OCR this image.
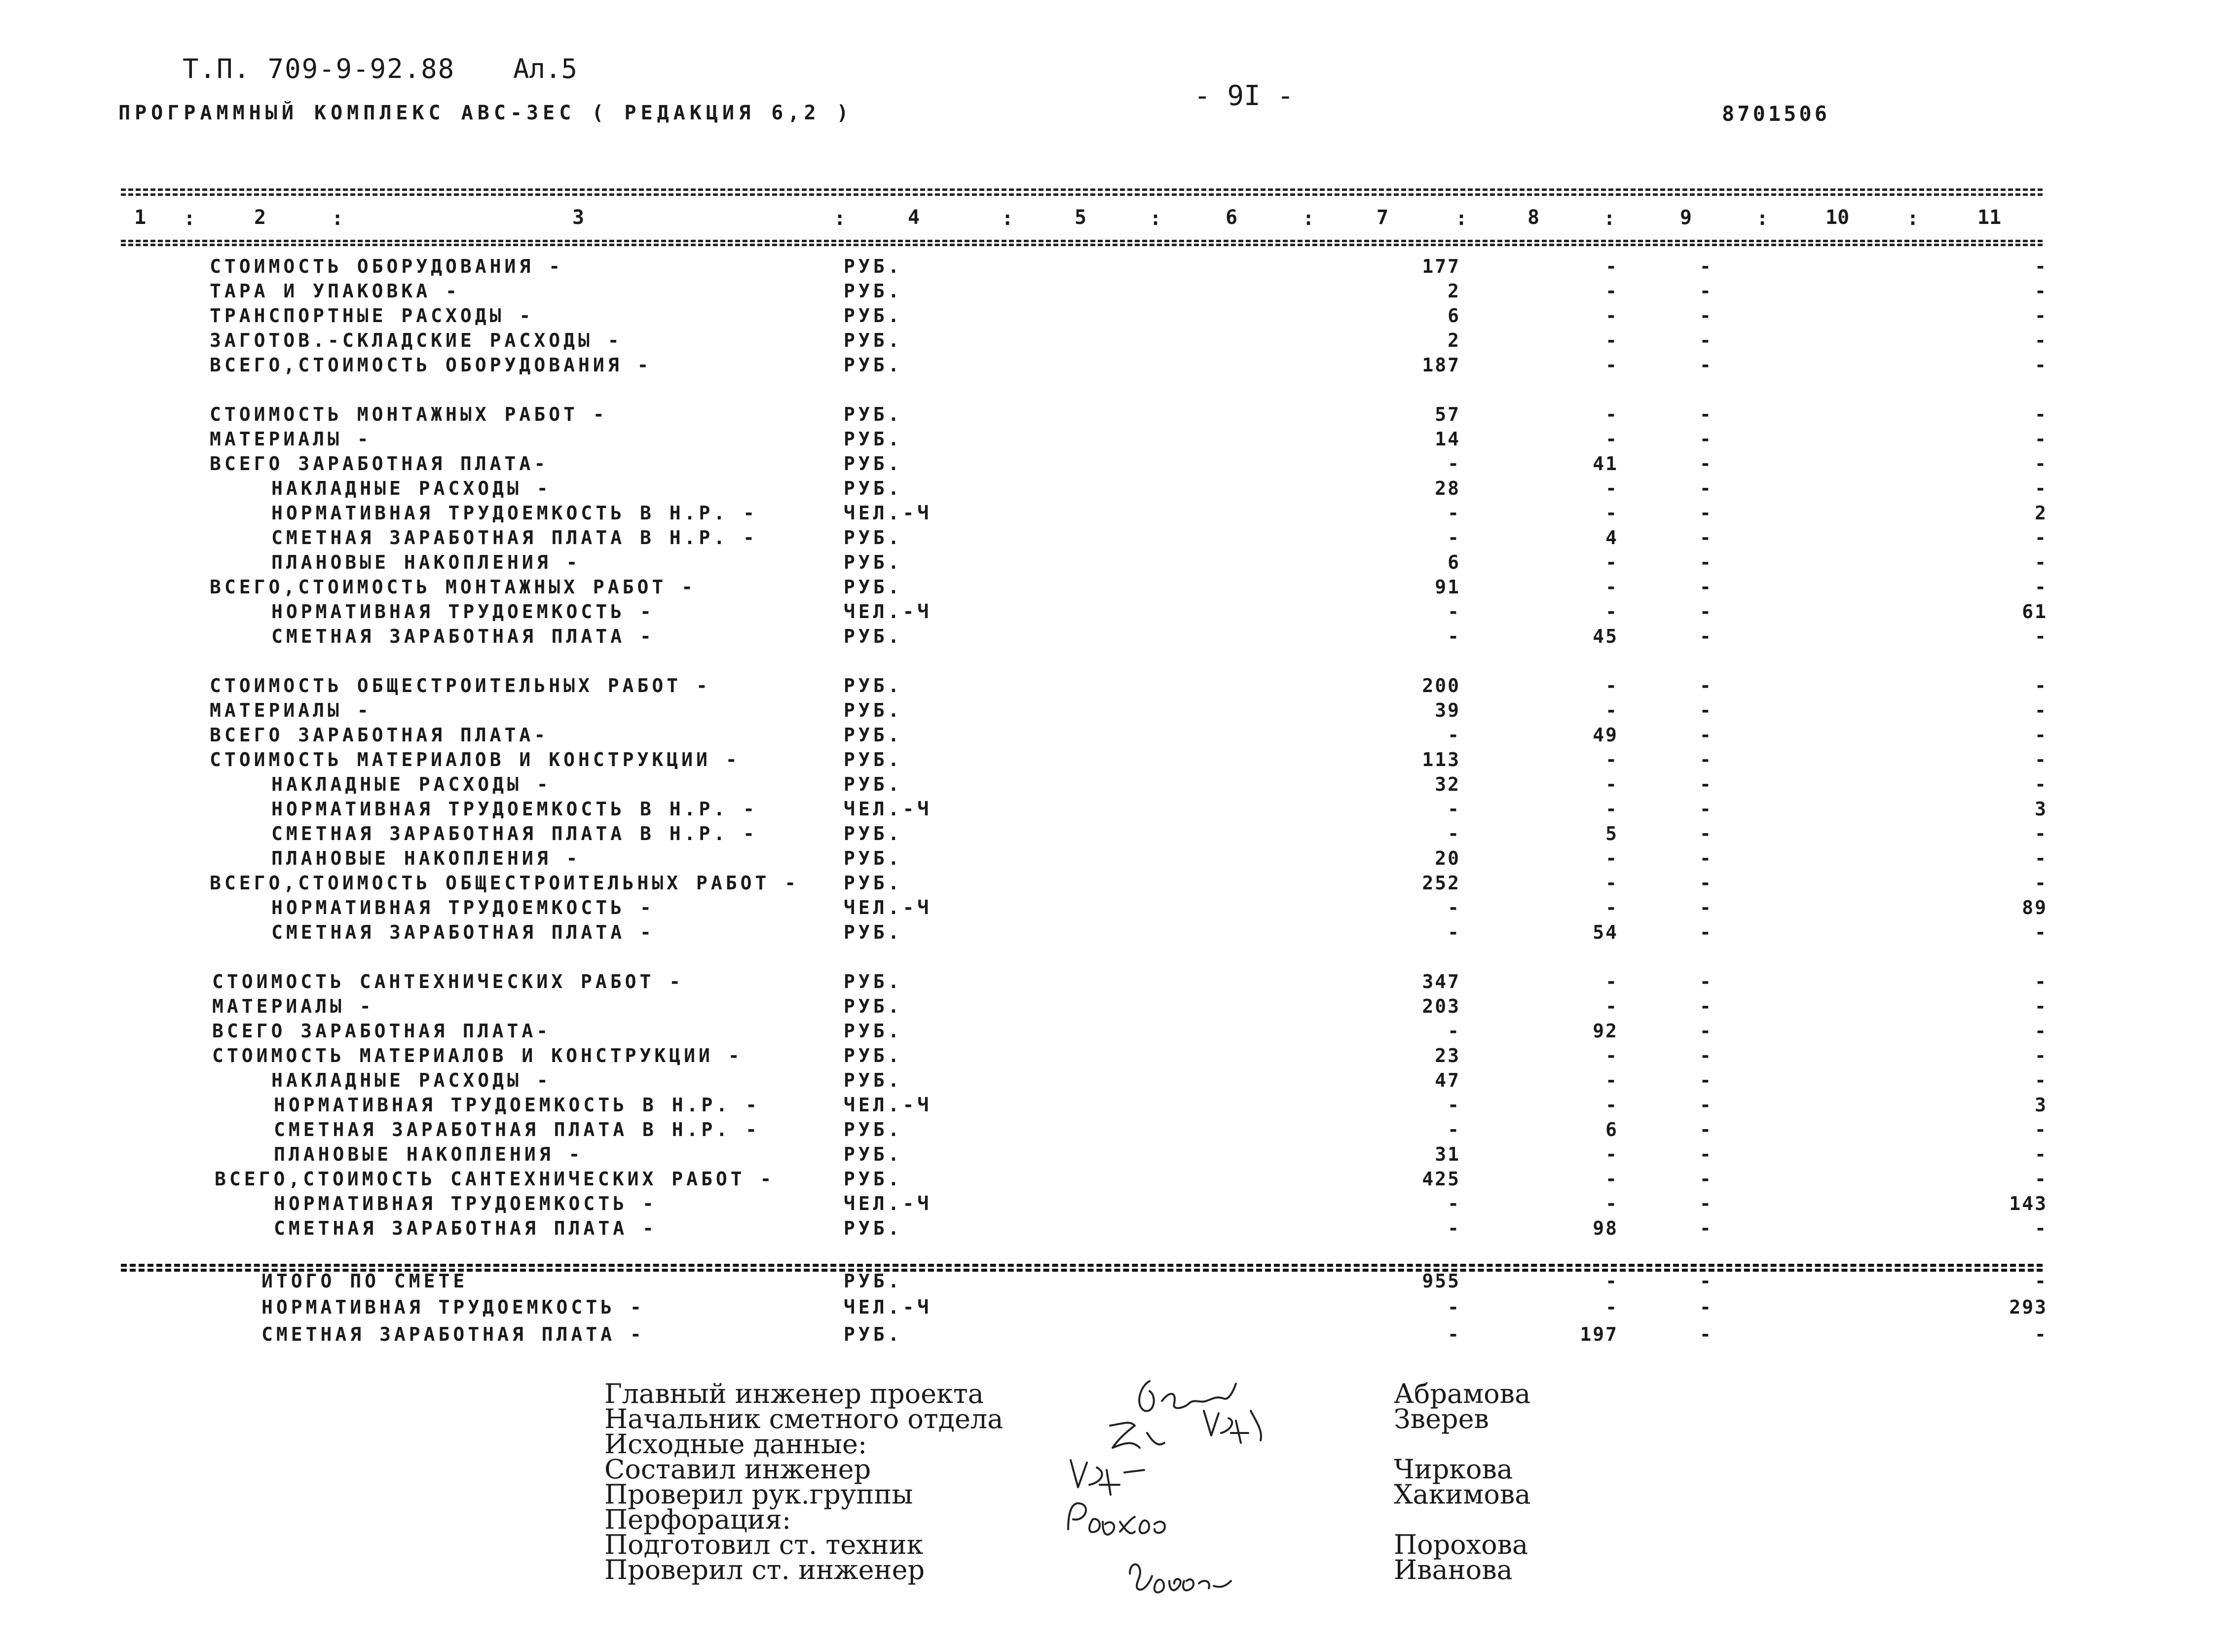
Т.П. 709-9-92.88 Ал.5
ПРОГРАММНЫЙ КОМПЛЕКС АВС-3ЕС ( РЕДАКЦИЯ 6,2 )
- 9I -
8701506
1 :	2	:	3	:	4	:	5	:	6	:	7	:	8	:	9	:	10	:	11
СТОИМОСТЬ ОБОРУДОВАНИЯ -	РУБ.	177	-	-	-
ТАРА И УПАКОВКА -	РУБ.	2	-	-	-
ТРАНСПОРТНЫЕ РАСХОДЫ -	РУБ.	6	-	-	-
ЗАГОТОВ.-СКЛАДСКИЕ РАСХОДЫ -	РУБ.	2	-	-	-
ВСЕГО,СТОИМОСТЬ ОБОРУДОВАНИЯ -	РУБ.	187	-	-	-
СТОИМОСТЬ МОНТАЖНЫХ РАБОТ -	РУБ.	57	-	-	-
МАТЕРИАЛЫ -	РУБ.	14	-	-	-
ВСЕГО ЗАРАБОТНАЯ ПЛАТА-	РУБ.	-	41	-	-
НАКЛАДНЫЕ РАСХОДЫ -	РУБ.	28	-	-	-
НОРМАТИВНАЯ ТРУДОЕМКОСТЬ В Н.Р. -	ЧЕЛ.-Ч	-	-	-	2
СМЕТНАЯ ЗАРАБОТНАЯ ПЛАТА В Н.Р. -	РУБ.	-	4	-	-
ПЛАНОВЫЕ НАКОПЛЕНИЯ -	РУБ.	6	-	-	-
ВСЕГО,СТОИМОСТЬ МОНТАЖНЫХ РАБОТ -	РУБ.	91	-	-	-
НОРМАТИВНАЯ ТРУДОЕМКОСТЬ -	ЧЕЛ.-Ч	-	-	-	61
СМЕТНАЯ ЗАРАБОТНАЯ ПЛАТА -	РУБ.	-	45	-	-
СТОИМОСТЬ ОБЩЕСТРОИТЕЛЬНЫХ РАБОТ -	РУБ.	200	-	-	-
МАТЕРИАЛЫ -	РУБ.	39	-	-	-
ВСЕГО ЗАРАБОТНАЯ ПЛАТА-	РУБ.	-	49	-	-
СТОИМОСТЬ МАТЕРИАЛОВ И КОНСТРУКЦИИ -	РУБ.	113	-	-	-
НАКЛАДНЫЕ РАСХОДЫ -	РУБ.	32	-	-	-
НОРМАТИВНАЯ ТРУДОЕМКОСТЬ В Н.Р. -	ЧЕЛ.-Ч	-	-	-	3
СМЕТНАЯ ЗАРАБОТНАЯ ПЛАТА В Н.Р. -	РУБ.	-	5	-	-
ПЛАНОВЫЕ НАКОПЛЕНИЯ -	РУБ.	20	-	-	-
ВСЕГО,СТОИМОСТЬ ОБЩЕСТРОИТЕЛЬНЫХ РАБОТ - РУБ.	252	-	-	-
НОРМАТИВНАЯ ТРУДОЕМКОСТЬ -	ЧЕЛ.-Ч	-	-	-	89
СМЕТНАЯ ЗАРАБОТНАЯ ПЛАТА -	РУБ.	-	54	-	-
СТОИМОСТЬ САНТЕХНИЧЕСКИХ РАБОТ -	РУБ.	347	-	-	-
МАТЕРИАЛЫ -	РУБ.	203	-	-	-
ВСЕГО ЗАРАБОТНАЯ ПЛАТА-	РУБ.	-	92	-	-
СТОИМОСТЬ МАТЕРИАЛОВ И КОНСТРУКЦИИ -	РУБ.	23	-	-	-
НАКЛАДНЫЕ РАСХОДЫ -	РУБ.	47	-	-	-
НОРМАТИВНАЯ ТРУДОЕМКОСТЬ В Н.Р. -	ЧЕЛ.-Ч	-	-	-	3
СМЕТНАЯ ЗАРАБОТНАЯ ПЛАТА В Н.Р. -	РУБ.	-	6	-	-
ПЛАНОВЫЕ НАКОПЛЕНИЯ -	РУБ.	31	-	-	-
ВСЕГО,СТОИМОСТЬ САНТЕХНИЧЕСКИХ РАБОТ -	РУБ.	425	-	-	-
НОРМАТИВНАЯ ТРУДОЕМКОСТЬ -	ЧЕЛ.-Ч	-	-	-	143
СМЕТНАЯ ЗАРАБОТНАЯ ПЛАТА -	РУБ.	-	98	-	-
ИТОГО ПО СМЕТЕ	РУБ.	955	-	-	-
НОРМАТИВНАЯ ТРУДОЕМКОСТЬ -	ЧЕЛ.-Ч	-	-	-	293
СМЕТНАЯ ЗАРАБОТНАЯ ПЛАТА -	РУБ.	-	197	-	-
Главный инженер проекта
Начальник сметного отдела
Исходные данные:
Составил инженер
Проверил рук.группы
Перфорация:
Подготовил ст. техник
Проверил ст. инженер
Абрамова
Зверев
Чиркова
Хакимова
Порохова
Иванова
